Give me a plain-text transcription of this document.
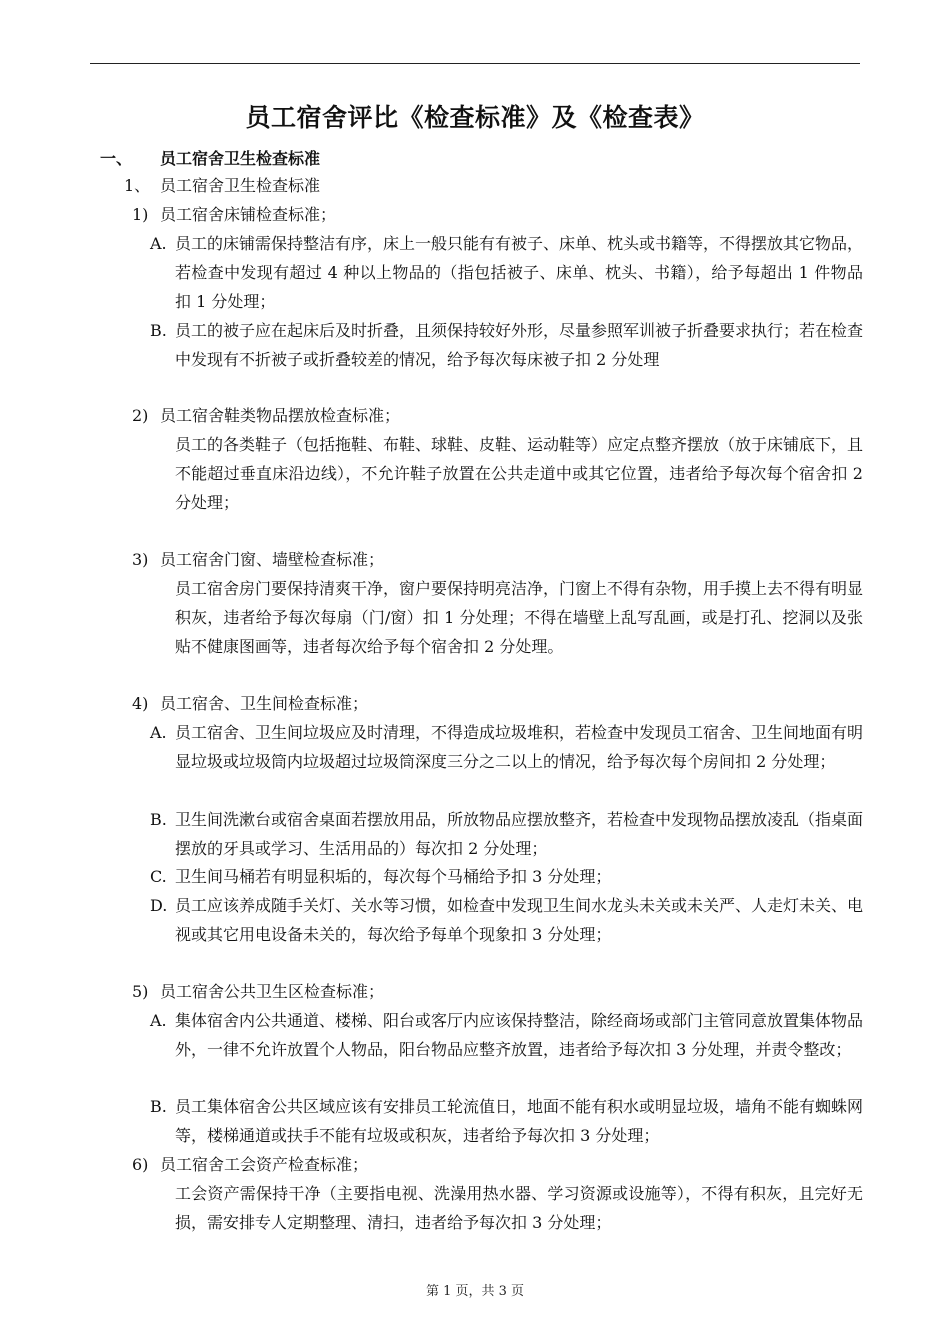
员工宿舍评比《检查标准》及《检查表》
一、 员工宿舍卫生检查标准
1、 员工宿舍卫生检查标准
1) 员工宿舍床铺检查标准；
A. 员工的床铺需保持整洁有序，床上一般只能有有被子、床单、枕头或书籍等，不得摆放其它物品，若检查中发现有超过 4 种以上物品的（指包括被子、床单、枕头、书籍），给予每超出 1 件物品扣 1 分处理；
B. 员工的被子应在起床后及时折叠，且须保持较好外形，尽量参照军训被子折叠要求执行；若在检查中发现有不折被子或折叠较差的情况，给予每次每床被子扣 2 分处理
2) 员工宿舍鞋类物品摆放检查标准；
员工的各类鞋子（包括拖鞋、布鞋、球鞋、皮鞋、运动鞋等）应定点整齐摆放（放于床铺底下，且不能超过垂直床沿边线），不允许鞋子放置在公共走道中或其它位置，违者给予每次每个宿舍扣 2 分处理；
3) 员工宿舍门窗、墙壁检查标准；
员工宿舍房门要保持清爽干净，窗户要保持明亮洁净，门窗上不得有杂物，用手摸上去不得有明显积灰，违者给予每次每扇（门/窗）扣 1 分处理；不得在墙壁上乱写乱画，或是打孔、挖洞以及张贴不健康图画等，违者每次给予每个宿舍扣 2 分处理。
4) 员工宿舍、卫生间检查标准；
A. 员工宿舍、卫生间垃圾应及时清理，不得造成垃圾堆积，若检查中发现员工宿舍、卫生间地面有明显垃圾或垃圾筒内垃圾超过垃圾筒深度三分之二以上的情况，给予每次每个房间扣 2 分处理；
B. 卫生间洗漱台或宿舍桌面若摆放用品，所放物品应摆放整齐，若检查中发现物品摆放凌乱（指桌面摆放的牙具或学习、生活用品的）每次扣 2 分处理；
C. 卫生间马桶若有明显积垢的，每次每个马桶给予扣 3 分处理；
D. 员工应该养成随手关灯、关水等习惯，如检查中发现卫生间水龙头未关或未关严、人走灯未关、电视或其它用电设备未关的，每次给予每单个现象扣 3 分处理；
5) 员工宿舍公共卫生区检查标准；
A. 集体宿舍内公共通道、楼梯、阳台或客厅内应该保持整洁，除经商场或部门主管同意放置集体物品外，一律不允许放置个人物品，阳台物品应整齐放置，违者给予每次扣 3 分处理，并责令整改；
B. 员工集体宿舍公共区域应该有安排员工轮流值日，地面不能有积水或明显垃圾，墙角不能有蜘蛛网等，楼梯通道或扶手不能有垃圾或积灰，违者给予每次扣 3 分处理；
6) 员工宿舍工会资产检查标准；
工会资产需保持干净（主要指电视、洗澡用热水器、学习资源或设施等），不得有积灰，且完好无损，需安排专人定期整理、清扫，违者给予每次扣 3 分处理；
第 1 页，共 3 页
